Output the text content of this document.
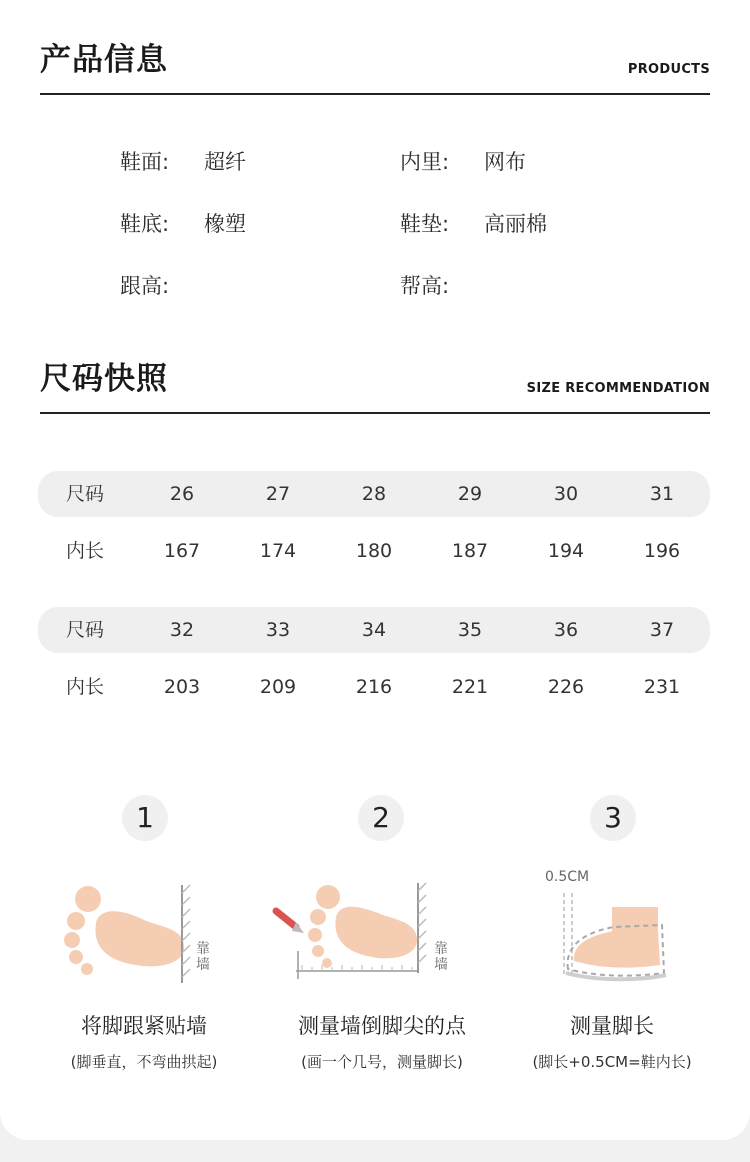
产品信息	PRODUCTS
鞋面: 超纤	内里: 网布
鞋底: 橡塑	鞋垫: 高丽棉
跟高:	帮高:
尺码快照	SIZE RECOMMENDATION
尺码	26	27	28	29	30	31
内长	167	174	180	187	194	196
尺码	32	33	34	35	36	37
内长	203	209	216	221	226	231
1
靠墙
将脚跟紧贴墙
(脚垂直，不弯曲拱起)
2
靠墙
测量墙倒脚尖的点
(画一个几号，测量脚长)
3
0.5CM
测量脚长
(脚长+0.5CM=鞋内长)
